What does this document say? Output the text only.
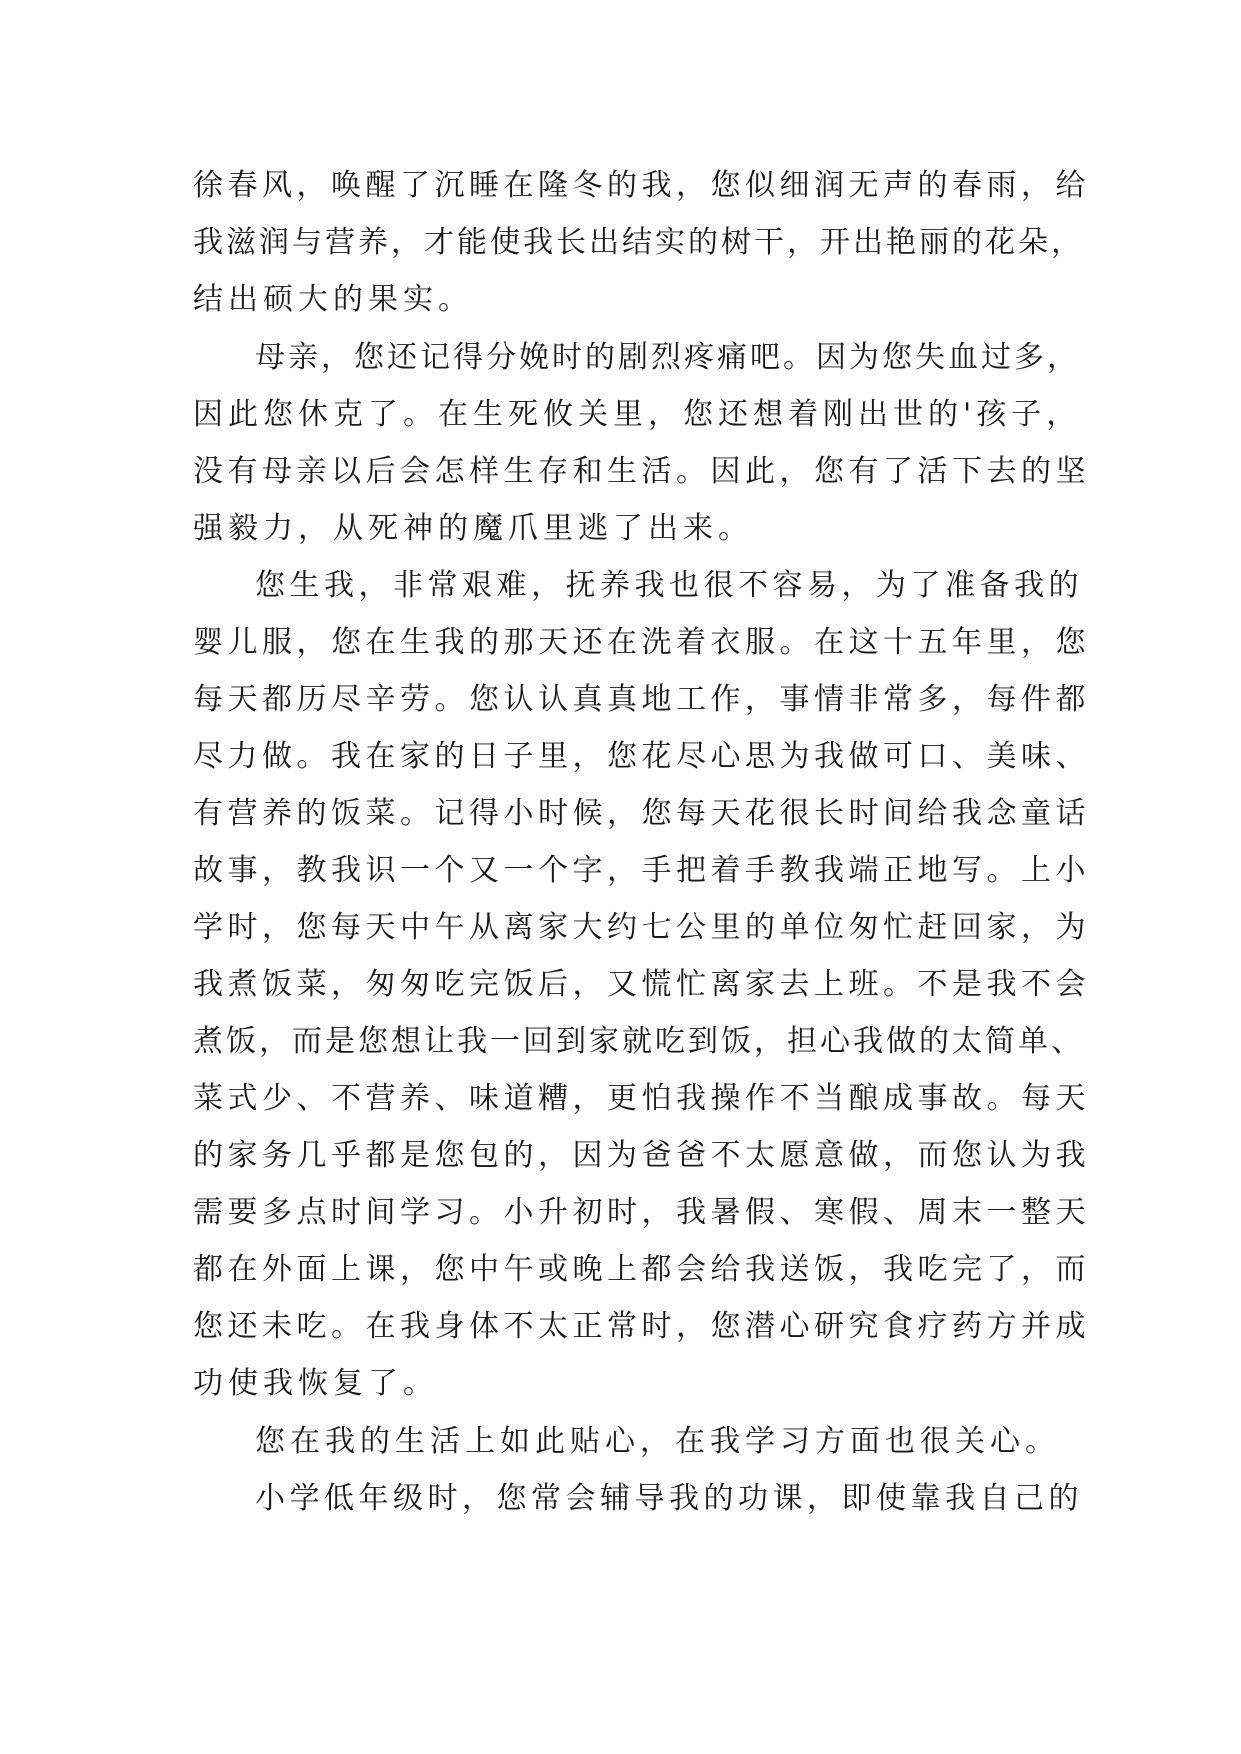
徐春风，唤醒了沉睡在隆冬的我，您似细润无声的春雨，给
我滋润与营养，才能使我长出结实的树干，开出艳丽的花朵，
结出硕大的果实。
母亲，您还记得分娩时的剧烈疼痛吧。因为您失血过多，
因此您休克了。在生死攸关里，您还想着刚出世的'孩子，
没有母亲以后会怎样生存和生活。因此，您有了活下去的坚
强毅力，从死神的魔爪里逃了出来。
您生我，非常艰难，抚养我也很不容易，为了准备我的
婴儿服，您在生我的那天还在洗着衣服。在这十五年里，您
每天都历尽辛劳。您认认真真地工作，事情非常多，每件都
尽力做。我在家的日子里，您花尽心思为我做可口、美味、
有营养的饭菜。记得小时候，您每天花很长时间给我念童话
故事，教我识一个又一个字，手把着手教我端正地写。上小
学时，您每天中午从离家大约七公里的单位匆忙赶回家，为
我煮饭菜，匆匆吃完饭后，又慌忙离家去上班。不是我不会
煮饭，而是您想让我一回到家就吃到饭，担心我做的太简单、
菜式少、不营养、味道糟，更怕我操作不当酿成事故。每天
的家务几乎都是您包的，因为爸爸不太愿意做，而您认为我
需要多点时间学习。小升初时，我暑假、寒假、周末一整天
都在外面上课，您中午或晚上都会给我送饭，我吃完了，而
您还未吃。在我身体不太正常时，您潜心研究食疗药方并成
功使我恢复了。
您在我的生活上如此贴心，在我学习方面也很关心。
小学低年级时，您常会辅导我的功课，即使靠我自己的
